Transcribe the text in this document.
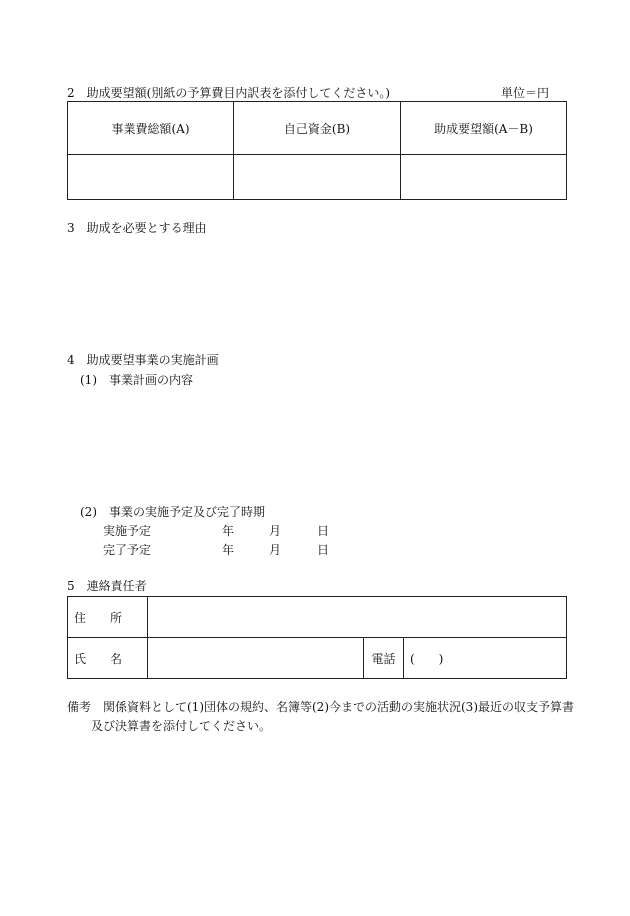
2　助成要望額(別紙の予算費目内訳表を添付してください。)	単位＝円
事業費総額(A)	自己資金(B)	助成要望額(A－B)

3　助成を必要とする理由
4　助成要望事業の実施計画
(1)　事業計画の内容
(2)　事業の実施予定及び完了時期
実施予定	年	月	日
完了予定	年	月	日
5　連絡責任者
住　　所			
氏　　名		電話	(　　)
備考　関係資料として(1)団体の規約、名簿等(2)今までの活動の実施状況(3)最近の収支予算書
及び決算書を添付してください。
